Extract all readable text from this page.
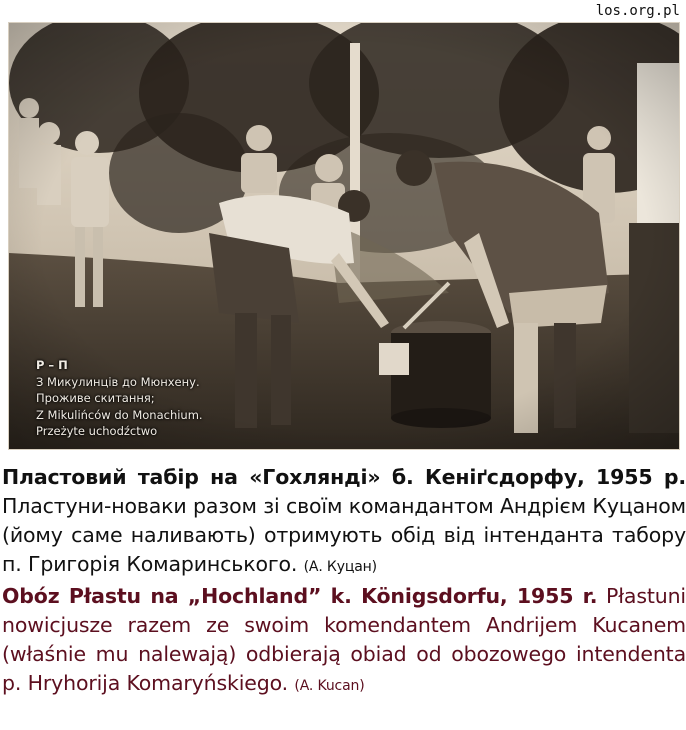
los.org.pl
Р – П
З Микулинців до Мюнхену.
Проживе скитання;
Z Mikulińców do Monachium.
Przeżyte uchodźctwo

Пластовий табір на «Гохлянді» б. Кеніґсдорфу, 1955 р. Пластуни-новаки разом зі своїм командантом Андрієм Куцаном (йому саме наливають) отримують обід від інтенданта табору п. Григорія Комаринського. (А. Куцан)

Obóz Płastu na „Hochland” k. Königsdorfu, 1955 r. Płastuni nowicjusze razem ze swoim komendantem Andrijem Kucanem (właśnie mu nalewają) odbierają obiad od obozowego intendenta p. Hryhorija Komaryńskiego. (A. Kucan)
